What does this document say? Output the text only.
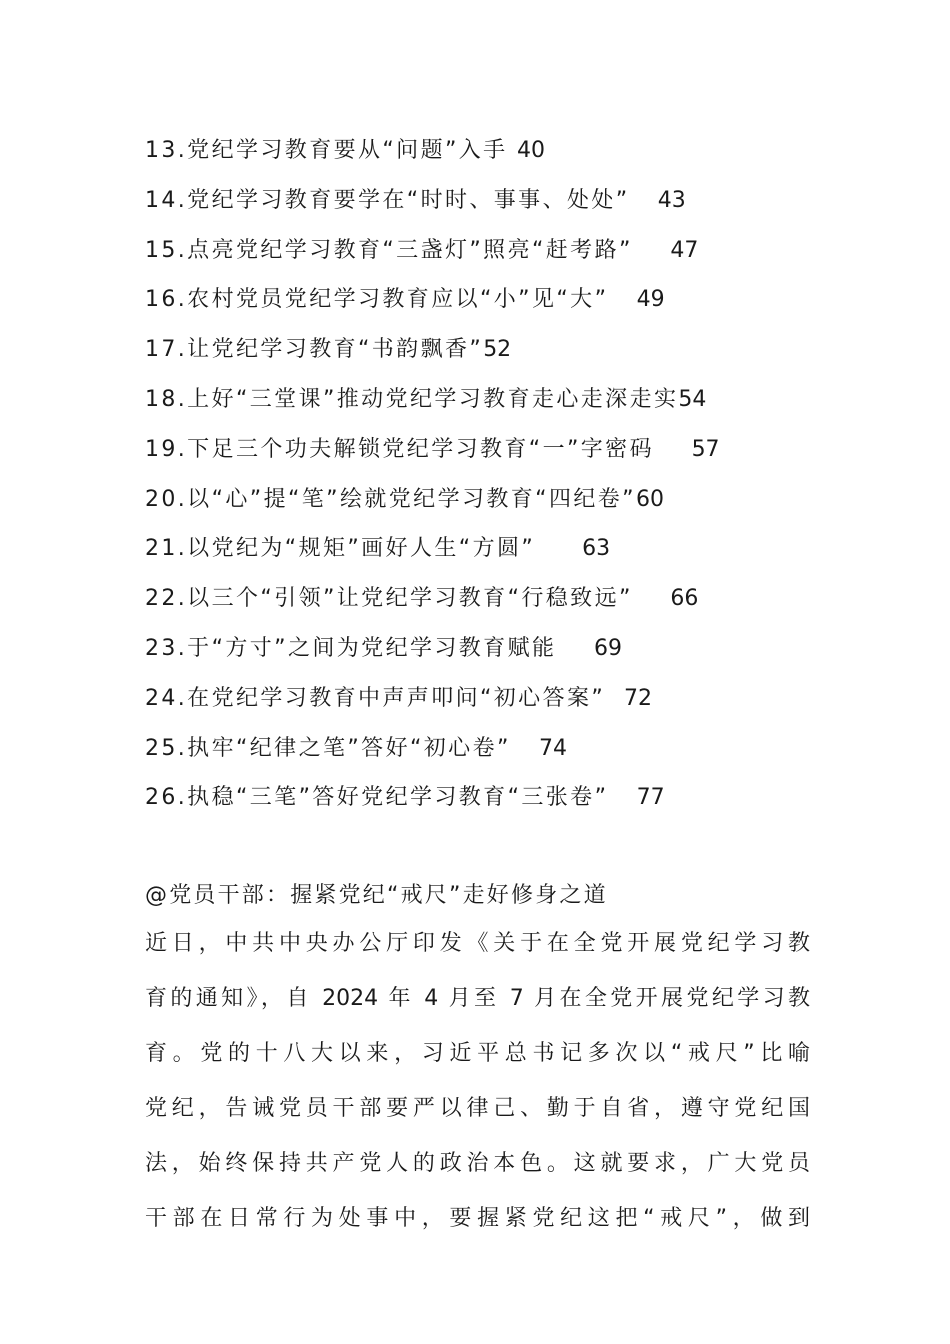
13.党纪学习教育要从“问题”入手 40
14.党纪学习教育要学在“时时、事事、处处” 43
15.点亮党纪学习教育“三盏灯”照亮“赶考路” 47
16.农村党员党纪学习教育应以“小”见“大” 49
17.让党纪学习教育“书韵飘香”52
18.上好“三堂课”推动党纪学习教育走心走深走实54
19.下足三个功夫解锁党纪学习教育“一”字密码 57
20.以“心”提“笔”绘就党纪学习教育“四纪卷”60
21.以党纪为“规矩”画好人生“方圆” 63
22.以三个“引领”让党纪学习教育“行稳致远” 66
23.于“方寸”之间为党纪学习教育赋能 69
24.在党纪学习教育中声声叩问“初心答案” 72
25.执牢“纪律之笔”答好“初心卷” 74
26.执稳“三笔”答好党纪学习教育“三张卷” 77
@党员干部：握紧党纪“戒尺”走好修身之道
近日，中共中央办公厅印发《关于在全党开展党纪学习教
育的通知》，自 2024 年 4 月至 7 月在全党开展党纪学习教
育。党的十八大以来，习近平总书记多次以“戒尺”比喻
党纪，告诫党员干部要严以律己、勤于自省，遵守党纪国
法，始终保持共产党人的政治本色。这就要求，广大党员
干部在日常行为处事中，要握紧党纪这把“戒尺”，做到
